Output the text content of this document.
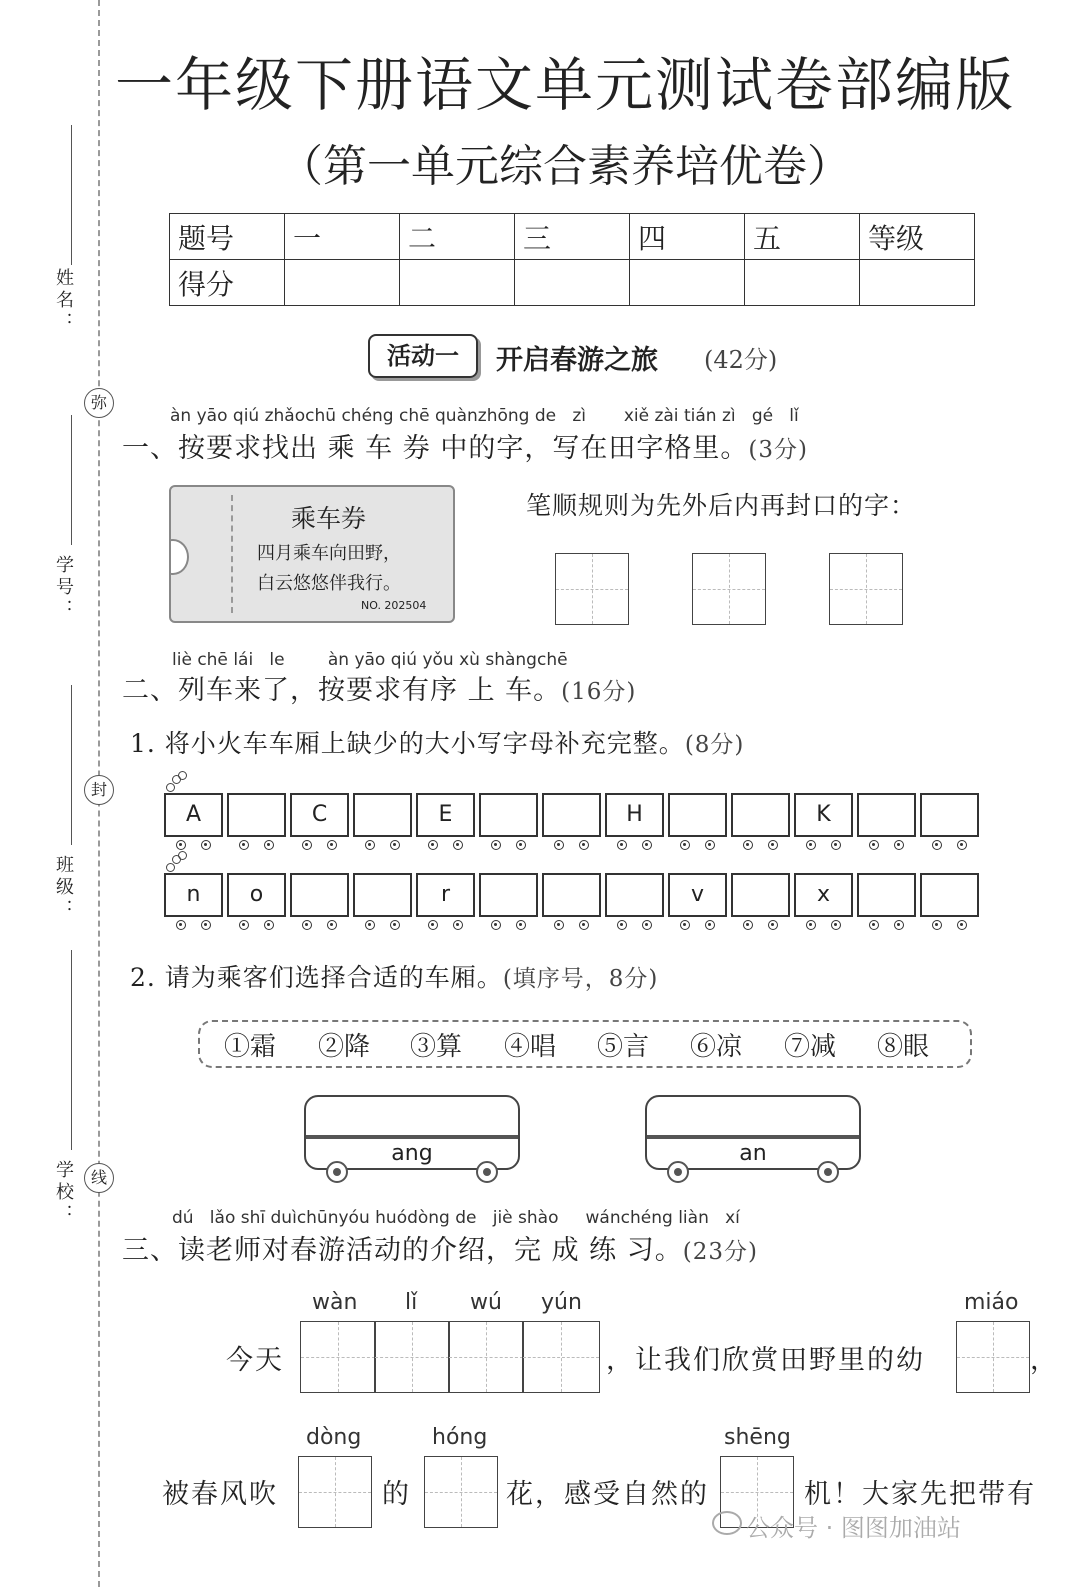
弥
封
线
姓名：
学号：
班级：
学校：
一年级下册语文单元测试卷部编版
（第一单元综合素养培优卷）
题号	一	二	三	四	五	等级
得分						
活动一	开启春游之旅 (42分)
àn yāo qiú zhǎochū chéng chē quànzhōng de zì xiě zài tián zì gé lǐ
一、按要求找出 乘 车 券 中的字，写在田字格里。(3分)
乘车券
四月乘车向田野，
白云悠悠伴我行。
NO. 202504
笔顺规则为先外后内再封口的字：
liè chē lái le	àn yāo qiú yǒu xù shàngchē
二、列车来了，按要求有序 上 车。(16分)
1. 将小火车车厢上缺少的大小写字母补充完整。(8分)
A	C	E	H	K
n	o	r	v	x
2. 请为乘客们选择合适的车厢。(填序号，8分)
①霜 ②降 ③算 ④唱 ⑤言 ⑥凉 ⑦减 ⑧眼
ang	an
dú lǎo shī duìchūnyóu huódòng de jiè shào wánchéng liàn xí
三、读老师对春游活动的介绍，完 成 练 习。(23分)
wàn lǐ wú yún	miáo
今天	，让我们欣赏田野里的幼	，
dòng	hóng	shēng
被春风吹	的	花，感受自然的	机！大家先把带有
公众号 · 图图加油站
